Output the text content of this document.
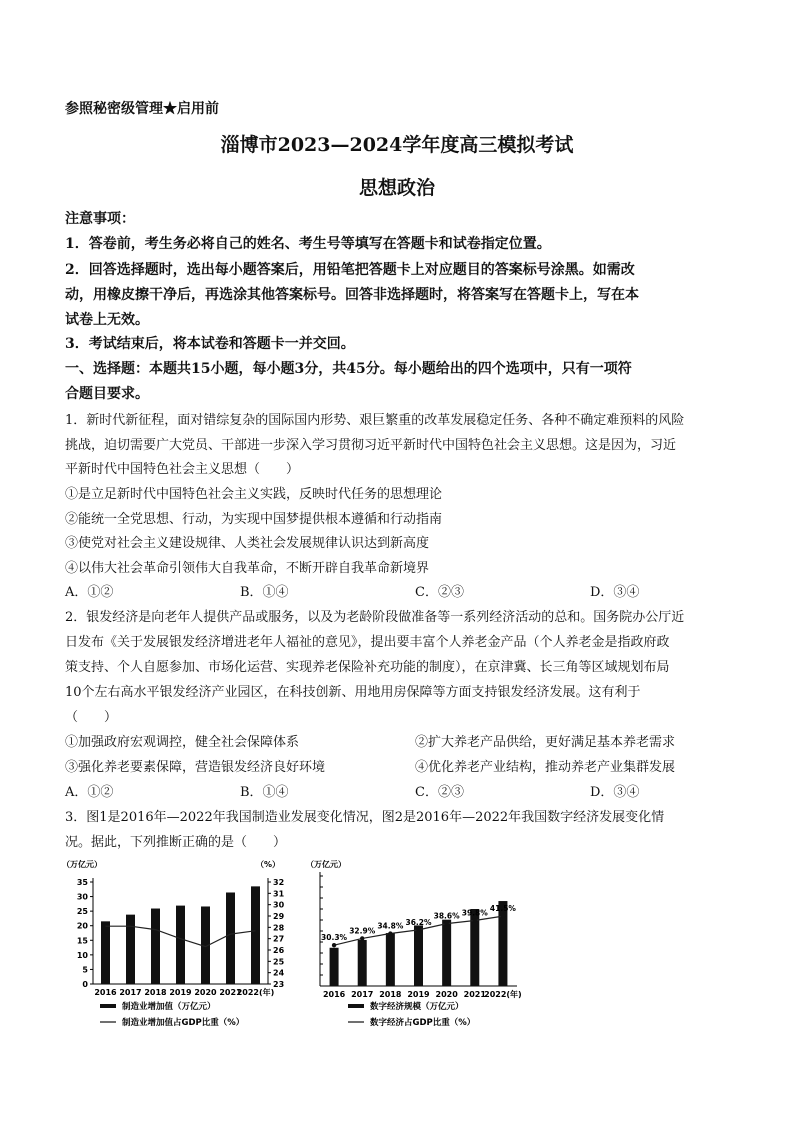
参照秘密级管理★启用前
淄博市2023—2024学年度高三模拟考试
思想政治
注意事项：
1．答卷前，考生务必将自己的姓名、考生号等填写在答题卡和试卷指定位置。
2．回答选择题时，选出每小题答案后，用铅笔把答题卡上对应题目的答案标号涂黑。如需改
动，用橡皮擦干净后，再选涂其他答案标号。回答非选择题时，将答案写在答题卡上，写在本
试卷上无效。
3．考试结束后，将本试卷和答题卡一并交回。
一、选择题：本题共15小题，每小题3分，共45分。每小题给出的四个选项中，只有一项符
合题目要求。
1．新时代新征程，面对错综复杂的国际国内形势、艰巨繁重的改革发展稳定任务、各种不确定难预料的风险
挑战，迫切需要广大党员、干部进一步深入学习贯彻习近平新时代中国特色社会主义思想。这是因为，习近
平新时代中国特色社会主义思想（　　）
①是立足新时代中国特色社会主义实践，反映时代任务的思想理论
②能统一全党思想、行动，为实现中国梦提供根本遵循和行动指南
③使党对社会主义建设规律、人类社会发展规律认识达到新高度
④以伟大社会革命引领伟大自我革命，不断开辟自我革命新境界
A．①②	B．①④	C．②③	D．③④
2．银发经济是向老年人提供产品或服务，以及为老龄阶段做准备等一系列经济活动的总和。国务院办公厅近
日发布《关于发展银发经济增进老年人福祉的意见》，提出要丰富个人养老金产品（个人养老金是指政府政
策支持、个人自愿参加、市场化运营、实现养老保险补充功能的制度），在京津冀、长三角等区域规划布局
10个左右高水平银发经济产业园区，在科技创新、用地用房保障等方面支持银发经济发展。这有利于
（　　）
①加强政府宏观调控，健全社会保障体系	②扩大养老产品供给，更好满足基本养老需求
③强化养老要素保障，营造银发经济良好环境	④优化养老产业结构，推动养老产业集群发展
A．①②	B．①④	C．②③	D．③④
3．图1是2016年—2022年我国制造业发展变化情况，图2是2016年—2022年我国数字经济发展变化情
况。据此，下列推断正确的是（　　）
（万亿元）	（%）
35
30
25
20
15
10
5
0
32
31
30
29
28
27
26
25
24
23
2016 2017 2018 2019 2020 2021
2022(年)
制造业增加值（万亿元）
制造业增加值占GDP比重（%）
（万亿元）
2016 2017 2018 2019 2020 2021
2022(年)
30.3%
32.9%
34.8% 36.2%
38.6% 39.8% 41.5%
数字经济规模（万亿元）
数字经济占GDP比重（%）
